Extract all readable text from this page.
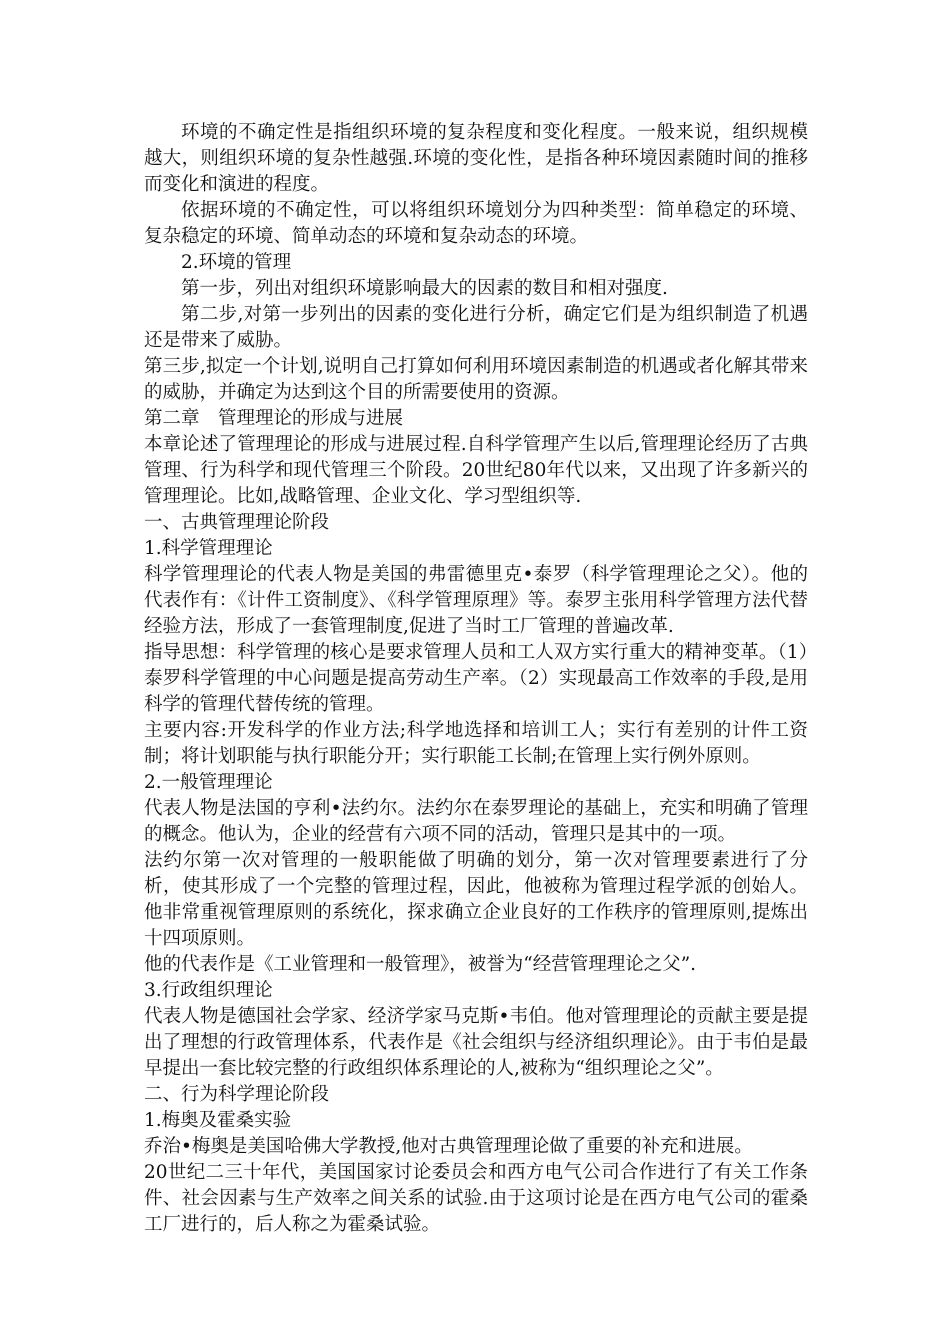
环境的不确定性是指组织环境的复杂程度和变化程度。一般来说，组织规模越大，则组织环境的复杂性越强.环境的变化性，是指各种环境因素随时间的推移而变化和演进的程度。

依据环境的不确定性，可以将组织环境划分为四种类型：简单稳定的环境、复杂稳定的环境、简单动态的环境和复杂动态的环境。

2.环境的管理

第一步，列出对组织环境影响最大的因素的数目和相对强度.

第二步,对第一步列出的因素的变化进行分析，确定它们是为组织制造了机遇还是带来了威胁。

第三步,拟定一个计划,说明自己打算如何利用环境因素制造的机遇或者化解其带来的威胁，并确定为达到这个目的所需要使用的资源。

第二章　管理理论的形成与进展

本章论述了管理理论的形成与进展过程.自科学管理产生以后,管理理论经历了古典管理、行为科学和现代管理三个阶段。20世纪80年代以来，又出现了许多新兴的管理理论。比如,战略管理、企业文化、学习型组织等.

一、古典管理理论阶段

1.科学管理理论

科学管理理论的代表人物是美国的弗雷德里克•泰罗（科学管理理论之父）。他的代表作有：《计件工资制度》、《科学管理原理》等。泰罗主张用科学管理方法代替经验方法，形成了一套管理制度,促进了当时工厂管理的普遍改革.

指导思想：科学管理的核心是要求管理人员和工人双方实行重大的精神变革。（1）泰罗科学管理的中心问题是提高劳动生产率。（2）实现最高工作效率的手段,是用科学的管理代替传统的管理。

主要内容:开发科学的作业方法;科学地选择和培训工人；实行有差别的计件工资制；将计划职能与执行职能分开；实行职能工长制;在管理上实行例外原则。

2.一般管理理论

代表人物是法国的亨利•法约尔。法约尔在泰罗理论的基础上，充实和明确了管理的概念。他认为，企业的经营有六项不同的活动，管理只是其中的一项。

法约尔第一次对管理的一般职能做了明确的划分，第一次对管理要素进行了分析，使其形成了一个完整的管理过程，因此，他被称为管理过程学派的创始人。他非常重视管理原则的系统化，探求确立企业良好的工作秩序的管理原则,提炼出十四项原则。

他的代表作是《工业管理和一般管理》，被誉为“经营管理理论之父”.

3.行政组织理论

代表人物是德国社会学家、经济学家马克斯•韦伯。他对管理理论的贡献主要是提出了理想的行政管理体系，代表作是《社会组织与经济组织理论》。由于韦伯是最早提出一套比较完整的行政组织体系理论的人,被称为“组织理论之父”。

二、行为科学理论阶段

1.梅奥及霍桑实验

乔治•梅奥是美国哈佛大学教授,他对古典管理理论做了重要的补充和进展。

20世纪二三十年代，美国国家讨论委员会和西方电气公司合作进行了有关工作条件、社会因素与生产效率之间关系的试验.由于这项讨论是在西方电气公司的霍桑工厂进行的，后人称之为霍桑试验。
